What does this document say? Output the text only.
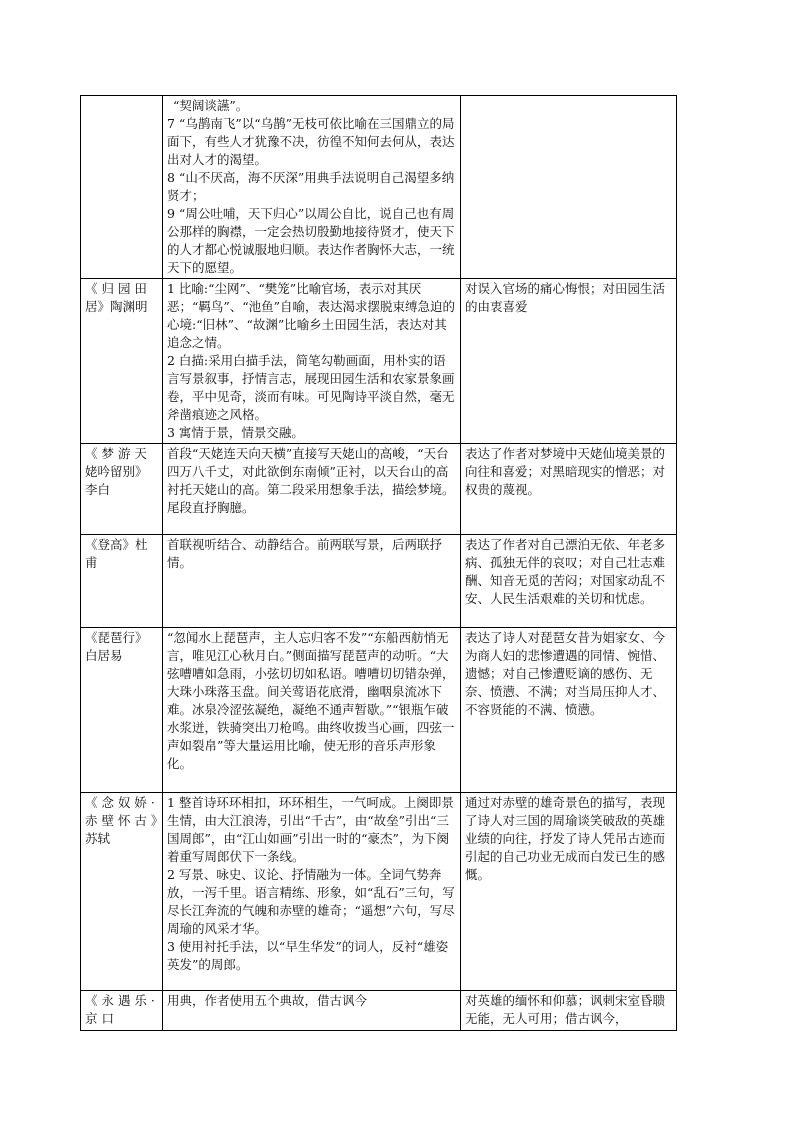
	“契阔谈讌”。
7 “乌鹊南飞”以“乌鹊”无枝可依比喻在三国鼎立的局面下，有些人才犹豫不决，彷徨不知何去何从，表达出对人才的渴望。
8 “山不厌高，海不厌深”用典手法说明自己渴望多纳贤才；
9 “周公吐哺，天下归心”以周公自比，说自己也有周公那样的胸襟，一定会热切殷勤地接待贤才，使天下的人才都心悦诚服地归顺。表达作者胸怀大志，一统天下的愿望。	

《 归 园 田 居》陶渊明	1 比喻:“尘网”、“樊笼”比喻官场，表示对其厌恶；“羁鸟”、“池鱼”自喻，表达渴求摆脱束缚急迫的心境:“旧林”、“故渊”比喻乡土田园生活，表达对其追念之情。
2 白描:采用白描手法，简笔勾勒画面，用朴实的语言写景叙事，抒情言志，展现田园生活和农家景象画卷，平中见奇，淡而有味。可见陶诗平淡自然，毫无斧凿痕迹之风格。
3 寓情于景，情景交融。	对误入官场的痛心悔恨；对田园生活的由衷喜爱
《 梦 游 天 姥吟留别》李白	首段“天姥连天向天横”直接写天姥山的高峻，“天台四万八千丈，对此欲倒东南倾”正衬，以天台山的高衬托天姥山的高。第二段采用想象手法，描绘梦境。尾段直抒胸臆。	表达了作者对梦境中天姥仙境美景的向往和喜爱；对黑暗现实的憎恶；对权贵的蔑视。
《登高》杜甫	首联视听结合、动静结合。前两联写景，后两联抒情。	表达了作者对自己漂泊无依、年老多病、孤独无伴的哀叹；对自己壮志难酬、知音无觅的苦闷；对国家动乱不安、人民生活艰难的关切和忧虑。
《琵琶行》白居易	“忽闻水上琵琶声，主人忘归客不发”“东船西舫悄无言，唯见江心秋月白。”侧面描写琵琶声的动听。“大弦嘈嘈如急雨，小弦切切如私语。嘈嘈切切错杂弹，大珠小珠落玉盘。间关莺语花底滑，幽咽泉流冰下难。冰泉冷涩弦凝绝，凝绝不通声暂歇。”“银瓶乍破水浆迸，铁骑突出刀枪鸣。曲终收拨当心画，四弦一声如裂帛”等大量运用比喻，使无形的音乐声形象化。	表达了诗人对琵琶女昔为娼家女、今为商人妇的悲惨遭遇的同情、惋惜、遗憾；对自己惨遭贬谪的感伤、无奈、愤懑、不满；对当局压抑人才、不容贤能的不满、愤懑。
《 念 奴 娇 · 赤 壁 怀 古 》苏轼	1 整首诗环环相扣，环环相生，一气呵成。上阕即景生情，由大江浪涛，引出“千古”，由“故垒”引出“三国周郎”，由“江山如画”引出一时的“豪杰”，为下阕着重写周郎伏下一条线。
2 写景、咏史、议论、抒情融为一体。全词气势奔放，一泻千里。语言精练、形象，如“乱石”三句，写尽长江奔流的气魄和赤壁的雄奇；“遥想”六句，写尽周瑜的风采才华。
3 使用衬托手法，以“早生华发”的词人，反衬“雄姿英发”的周郎。	通过对赤壁的雄奇景色的描写，表现了诗人对三国的周瑜谈笑破敌的英雄业绩的向往，抒发了诗人凭吊古迹而引起的自己功业无成而白发已生的感慨。
《 永 遇 乐 · 京 口	用典，作者使用五个典故，借古讽今	对英雄的缅怀和仰慕；讽刺宋室昏聩无能，无人可用；借古讽今，
